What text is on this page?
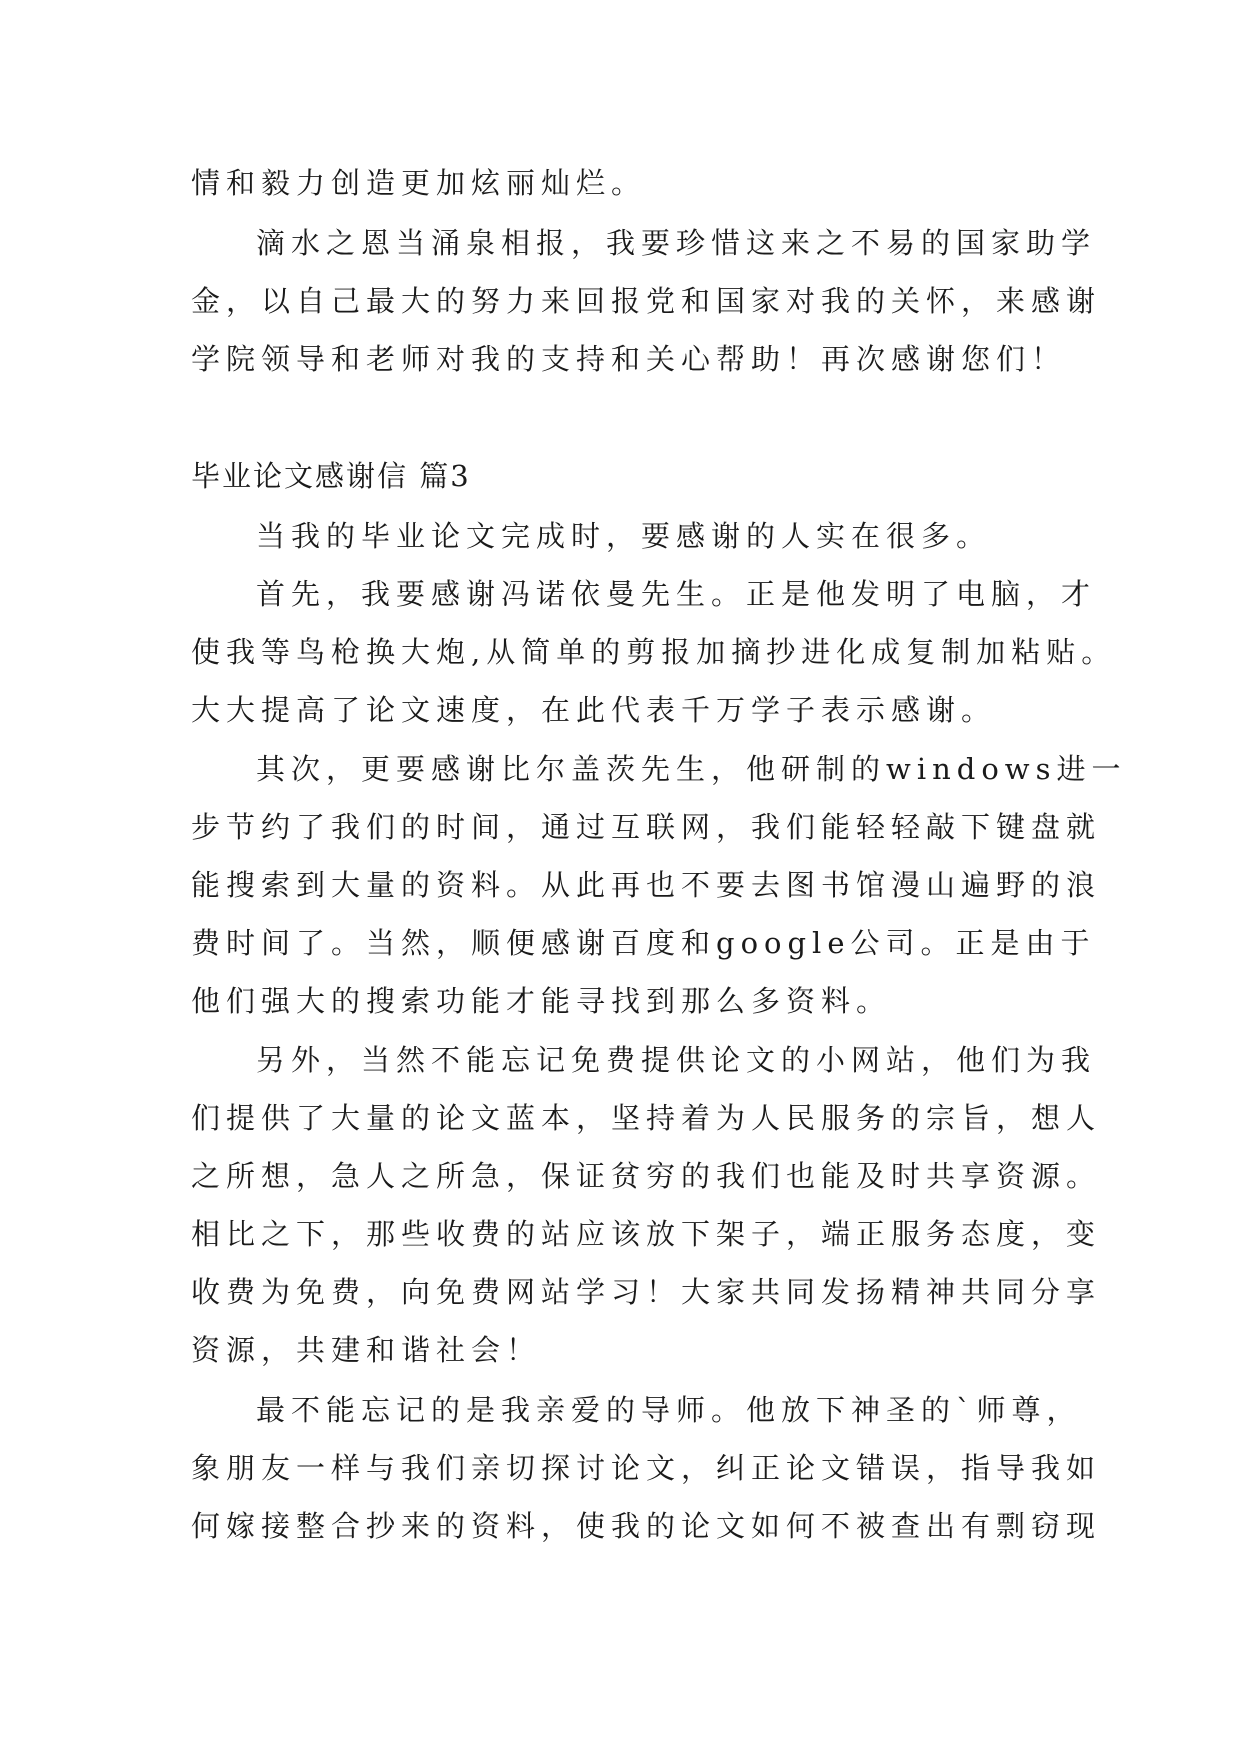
情和毅力创造更加炫丽灿烂。
滴水之恩当涌泉相报，我要珍惜这来之不易的国家助学
金，以自己最大的努力来回报党和国家对我的关怀，来感谢
学院领导和老师对我的支持和关心帮助！再次感谢您们！
毕业论文感谢信 篇3
当我的毕业论文完成时，要感谢的人实在很多。
首先，我要感谢冯诺依曼先生。正是他发明了电脑，才
使我等鸟枪换大炮,从简单的剪报加摘抄进化成复制加粘贴。
大大提高了论文速度，在此代表千万学子表示感谢。
其次，更要感谢比尔盖茨先生，他研制的windows进一
步节约了我们的时间，通过互联网，我们能轻轻敲下键盘就
能搜索到大量的资料。从此再也不要去图书馆漫山遍野的浪
费时间了。当然，顺便感谢百度和google公司。正是由于
他们强大的搜索功能才能寻找到那么多资料。
另外，当然不能忘记免费提供论文的小网站，他们为我
们提供了大量的论文蓝本，坚持着为人民服务的宗旨，想人
之所想，急人之所急，保证贫穷的我们也能及时共享资源。
相比之下，那些收费的站应该放下架子，端正服务态度，变
收费为免费，向免费网站学习！大家共同发扬精神共同分享
资源，共建和谐社会！
最不能忘记的是我亲爱的导师。他放下神圣的`师尊，
象朋友一样与我们亲切探讨论文，纠正论文错误，指导我如
何嫁接整合抄来的资料，使我的论文如何不被查出有剽窃现
